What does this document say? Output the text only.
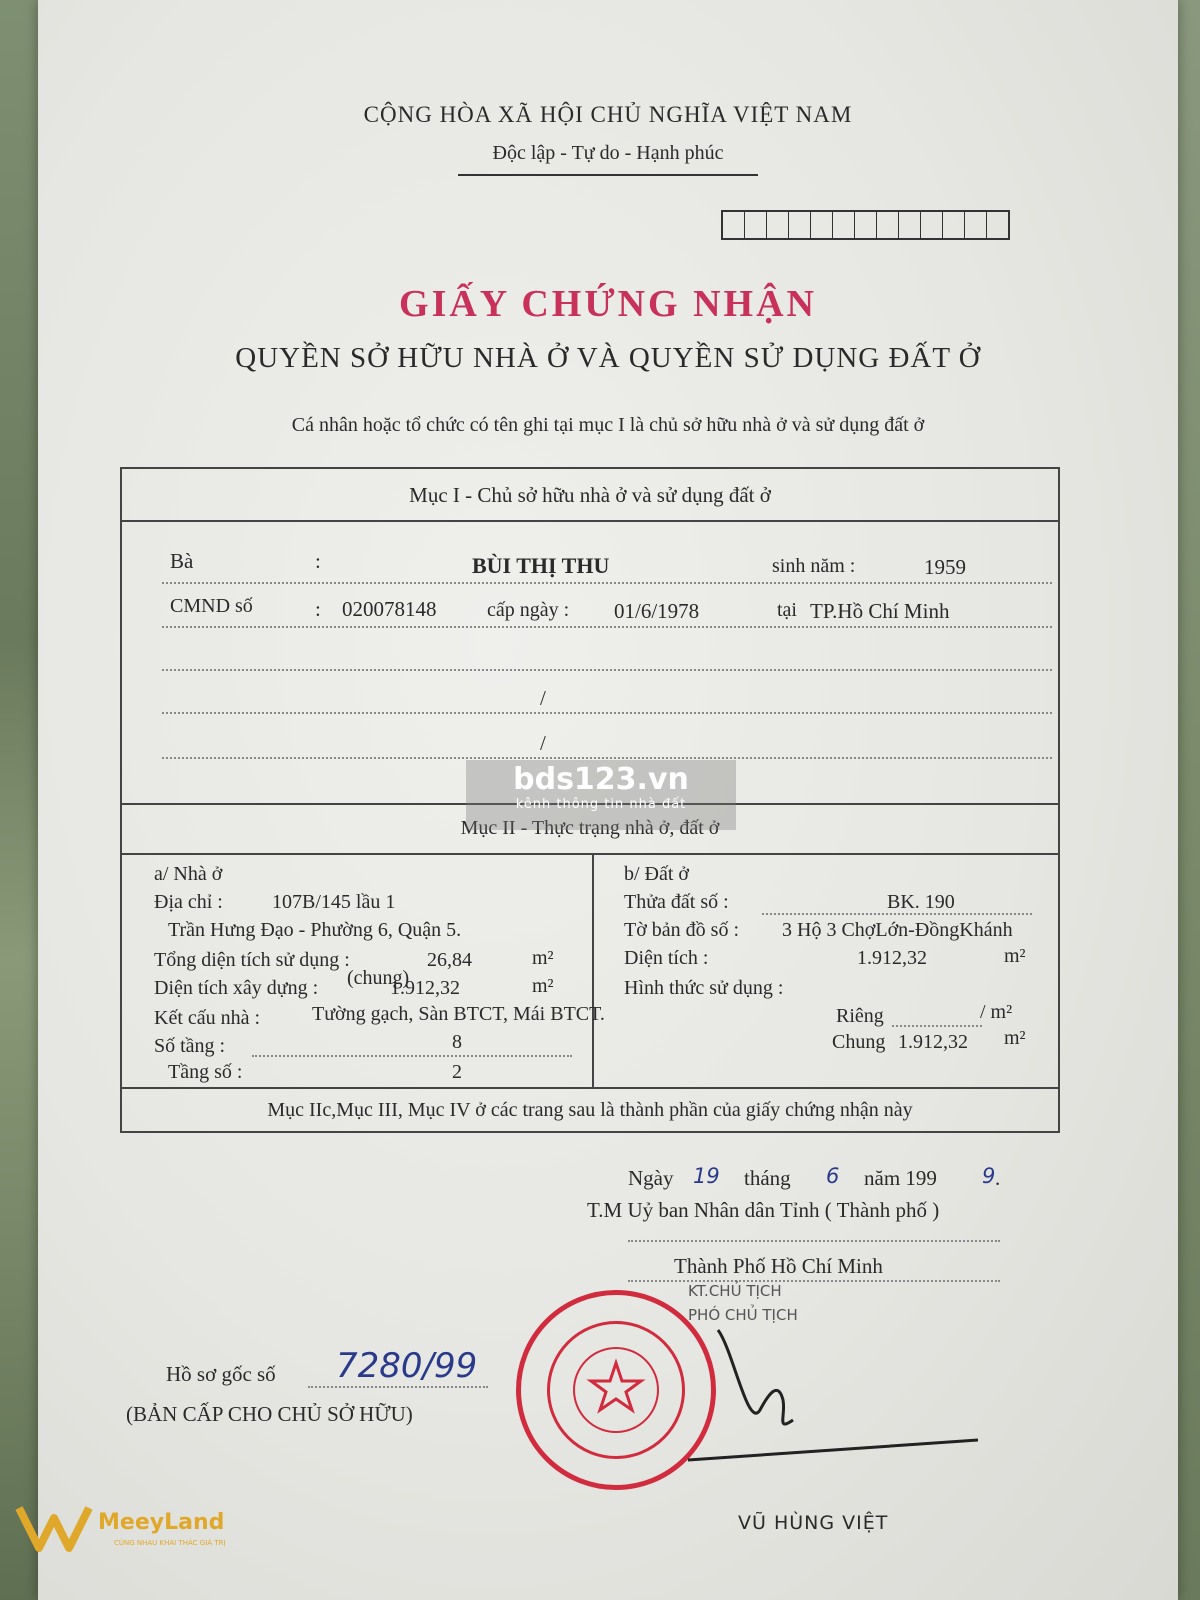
CỘNG HÒA XÃ HỘI CHỦ NGHĨA VIỆT NAM
Độc lập - Tự do - Hạnh phúc
GIẤY CHỨNG NHẬN
QUYỀN SỞ HỮU NHÀ Ở VÀ QUYỀN SỬ DỤNG ĐẤT Ở
Cá nhân hoặc tổ chức có tên ghi tại mục I là chủ sở hữu nhà ở và sử dụng đất ở
Mục I - Chủ sở hữu nhà ở và sử dụng đất ở
Bà	:	BÙI THỊ THU	sinh năm :	1959
CMND số	: 020078148	cấp ngày : 01/6/1978	tại TP.Hồ Chí Minh
/
/
Mục II - Thực trạng nhà ở, đất ở
a/ Nhà ở
Địa chỉ : 107B/145 lầu 1
Trần Hưng Đạo - Phường 6, Quận 5.
Tổng diện tích sử dụng :	26,84	m²
(chung)
Diện tích xây dựng :	1.912,32	m²
Kết cấu nhà :	Tường gạch, Sàn BTCT, Mái BTCT.
Số tầng :	8
Tầng số :	2
b/ Đất ở
Thửa đất số :	BK. 190
Tờ bản đồ số : 3 Hộ 3 ChợLớn-ĐồngKhánh
Diện tích :	1.912,32	m²
Hình thức sử dụng :
Riêng	/ m²
Chung 1.912,32 m²
Mục IIc,Mục III, Mục IV ở các trang sau là thành phần của giấy chứng nhận này
Ngày 19 tháng 6 năm 199 9 .
T.M Uỷ ban Nhân dân Tỉnh ( Thành phố )
Thành Phố Hồ Chí Minh
KT.CHỦ TỊCH
PHÓ CHỦ TỊCH
VŨ HÙNG VIỆT
Hồ sơ gốc số 7280/99
(BẢN CẤP CHO CHỦ SỞ HỮU)
bds123.vn
kênh thông tin nhà đất
MeeyLand
CÙNG NHAU KHAI THÁC GIÁ TRỊ
